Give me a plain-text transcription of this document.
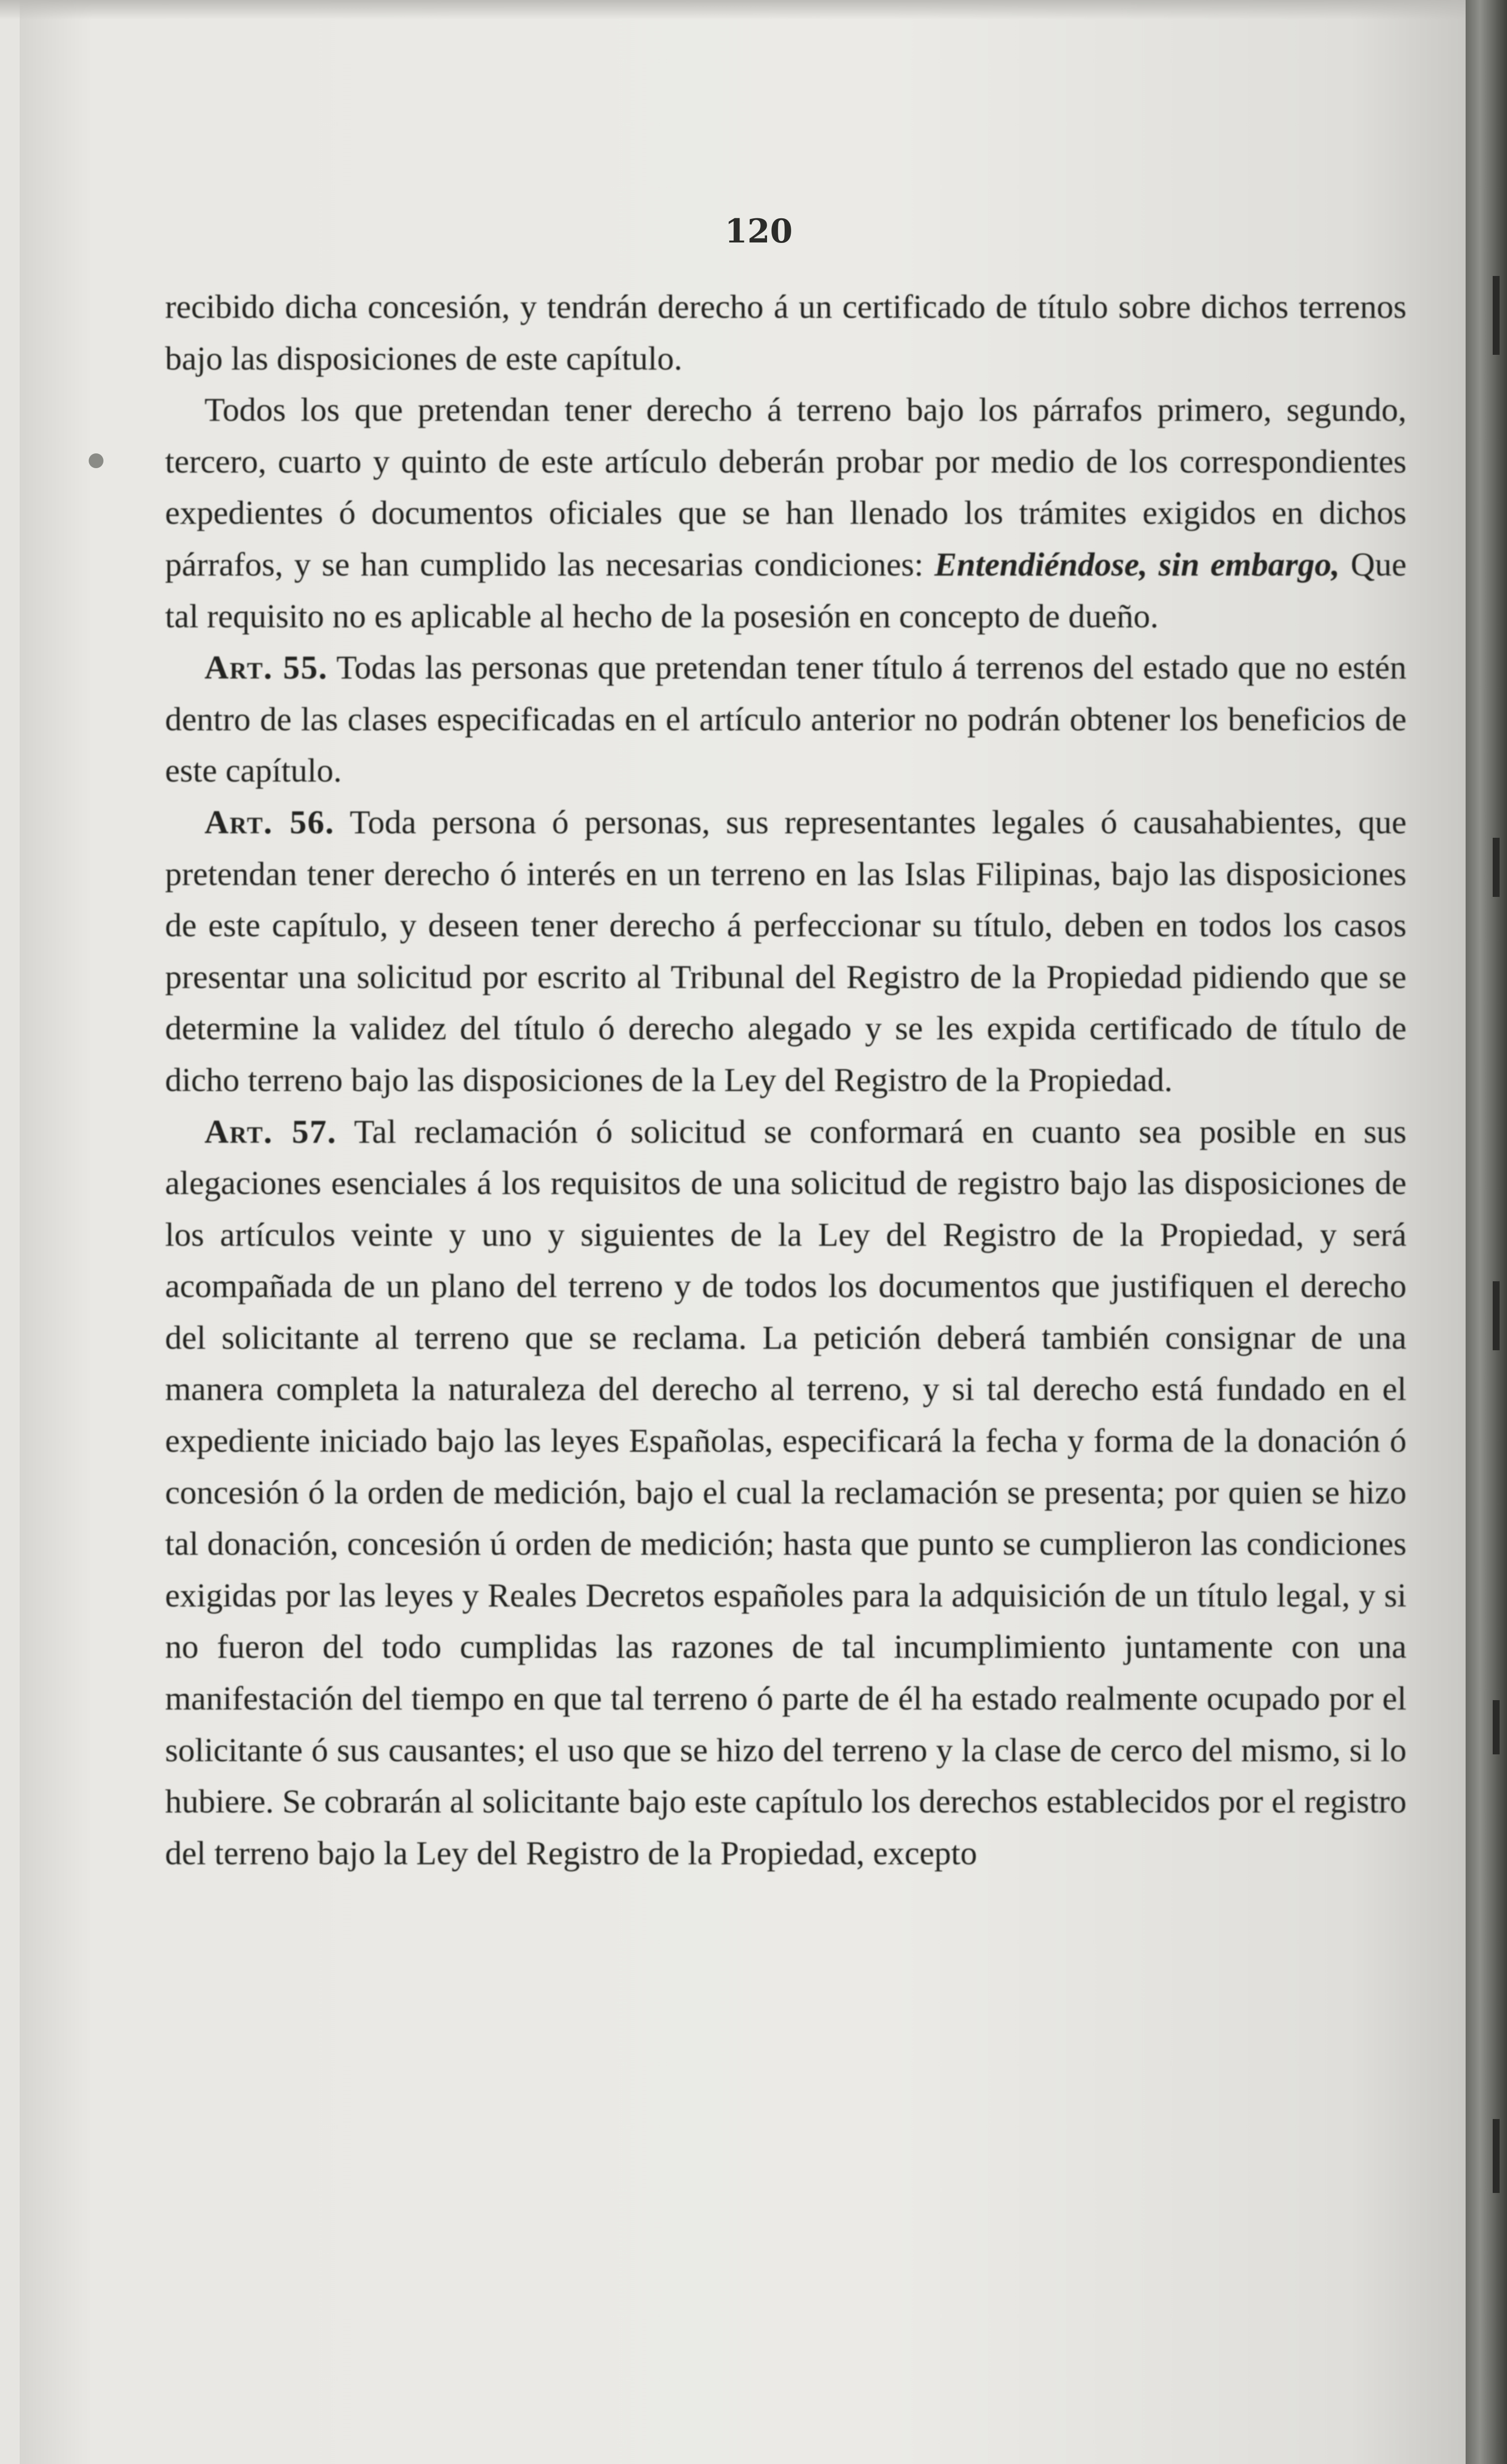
120

recibido dicha concesión, y tendrán derecho á un certificado de título sobre dichos terrenos bajo las disposiciones de este capítulo.

Todos los que pretendan tener derecho á terreno bajo los párrafos primero, segundo, tercero, cuarto y quinto de este artículo deberán probar por medio de los correspondientes expedientes ó documentos oficiales que se han llenado los trámites exigidos en dichos párrafos, y se han cumplido las necesarias condiciones: Entendiéndose, sin embargo, Que tal requisito no es aplicable al hecho de la posesión en concepto de dueño.

Art. 55. Todas las personas que pretendan tener título á terrenos del estado que no estén dentro de las clases especificadas en el artículo anterior no podrán obtener los beneficios de este capítulo.

Art. 56. Toda persona ó personas, sus representantes legales ó causahabientes, que pretendan tener derecho ó interés en un terreno en las Islas Filipinas, bajo las disposiciones de este capítulo, y deseen tener derecho á perfeccionar su título, deben en todos los casos presentar una solicitud por escrito al Tribunal del Registro de la Propiedad pidiendo que se determine la validez del título ó derecho alegado y se les expida certificado de título de dicho terreno bajo las disposiciones de la Ley del Registro de la Propiedad.

Art. 57. Tal reclamación ó solicitud se conformará en cuanto sea posible en sus alegaciones esenciales á los requisitos de una solicitud de registro bajo las disposiciones de los artículos veinte y uno y siguientes de la Ley del Registro de la Propiedad, y será acompañada de un plano del terreno y de todos los documentos que justifiquen el derecho del solicitante al terreno que se reclama. La petición deberá también consignar de una manera completa la naturaleza del derecho al terreno, y si tal derecho está fundado en el expediente iniciado bajo las leyes Españolas, especificará la fecha y forma de la donación ó concesión ó la orden de medición, bajo el cual la reclamación se presenta; por quien se hizo tal donación, concesión ú orden de medición; hasta que punto se cumplieron las condiciones exigidas por las leyes y Reales Decretos españoles para la adquisición de un título legal, y si no fueron del todo cumplidas las razones de tal incumplimiento juntamente con una manifestación del tiempo en que tal terreno ó parte de él ha estado realmente ocupado por el solicitante ó sus causantes; el uso que se hizo del terreno y la clase de cerco del mismo, si lo hubiere. Se cobrarán al solicitante bajo este capítulo los derechos establecidos por el registro del terreno bajo la Ley del Registro de la Propiedad, excepto
